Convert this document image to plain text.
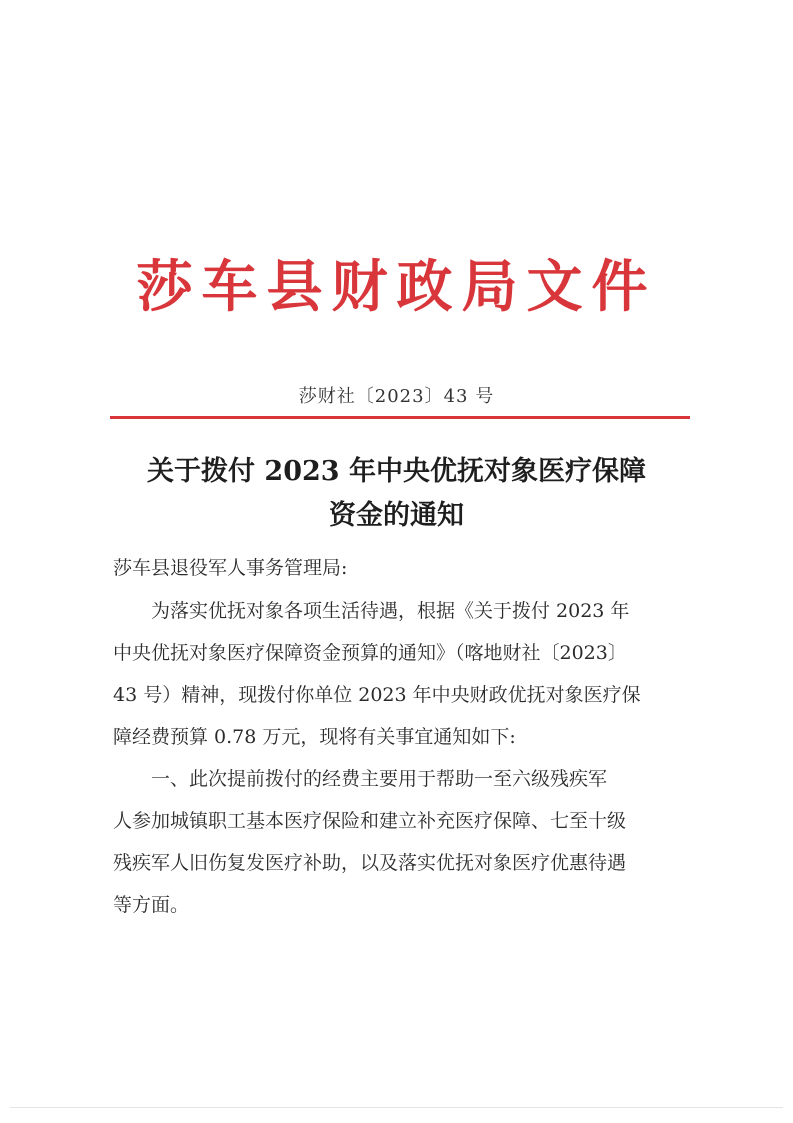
莎车县财政局文件
莎财社〔2023〕43 号
关于拨付 2023 年中央优抚对象医疗保障
资金的通知
莎车县退役军人事务管理局:
　　为落实优抚对象各项生活待遇，根据《关于拨付 2023 年
中央优抚对象医疗保障资金预算的通知》（喀地财社〔2023〕
43 号）精神，现拨付你单位 2023 年中央财政优抚对象医疗保
障经费预算 0.78 万元，现将有关事宜通知如下:
　　一、此次提前拨付的经费主要用于帮助一至六级残疾军
人参加城镇职工基本医疗保险和建立补充医疗保障、七至十级
残疾军人旧伤复发医疗补助，以及落实优抚对象医疗优惠待遇
等方面。
